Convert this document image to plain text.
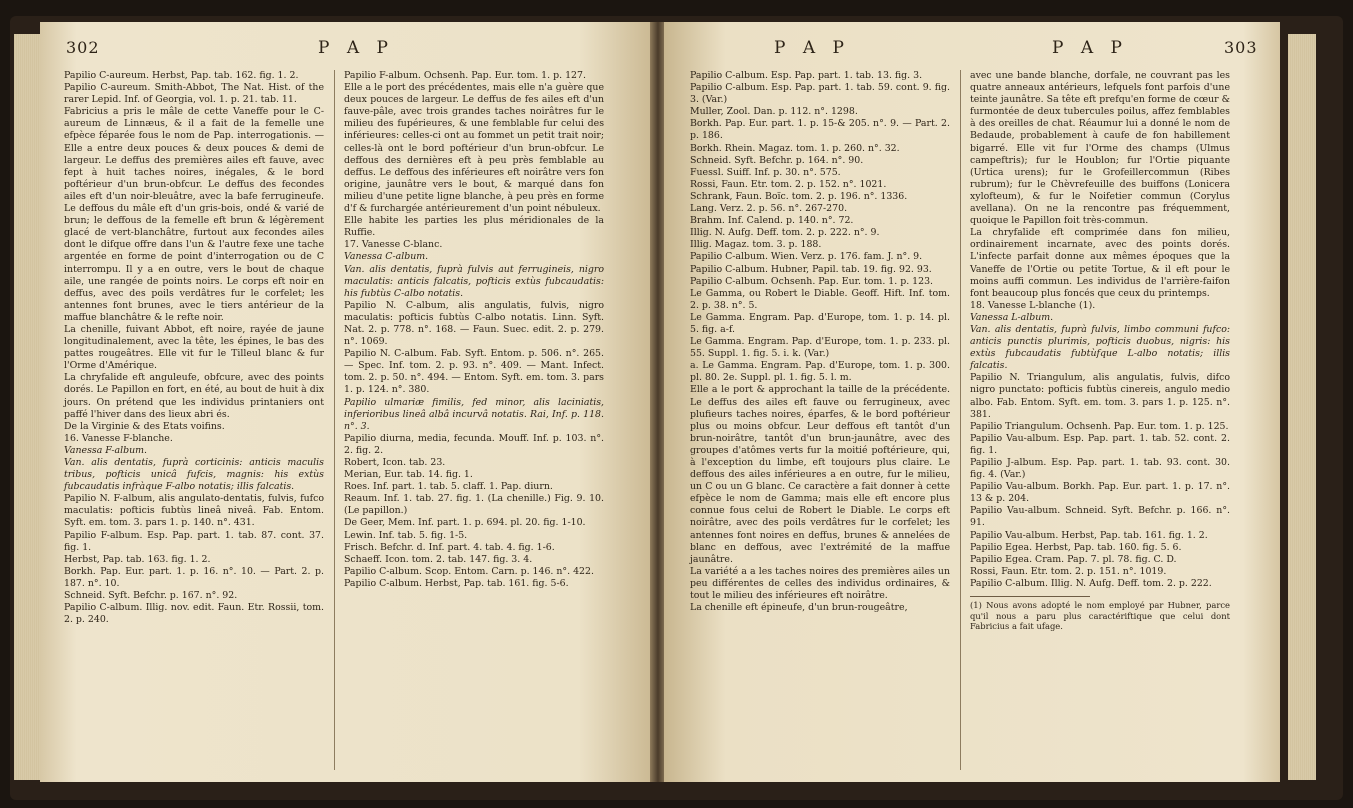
302	P A P

Papilio C-aureum. Herbst, Pap. tab. 162. fig. 1. 2.

Papilio C-aureum. Smith-Abbot, The Nat. Hist. of the rarer Lepid. Inf. of Georgia, vol. 1. p. 21. tab. 11.

Fabricius a pris le mâle de cette Vaneffe pour le C-aureum de Linnæus, & il a fait de la femelle une efpèce féparée fous le nom de Pap. interrogationis. — Elle a entre deux pouces & deux pouces & demi de largeur. Le deffus des premières ailes eft fauve, avec fept à huit taches noires, inégales, & le bord poftérieur d'un brun-obfcur. Le deffus des fecondes ailes eft d'un noir-bleuâtre, avec la bafe ferrugineufe. Le deffous du mâle eft d'un gris-bois, ondé & varié de brun; le deffous de la femelle eft brun & légèrement glacé de vert-blanchâtre, furtout aux fecondes ailes dont le difque offre dans l'un & l'autre fexe une tache argentée en forme de point d'interrogation ou de C interrompu. Il y a en outre, vers le bout de chaque aile, une rangée de points noirs. Le corps eft noir en deffus, avec des poils verdâtres fur le corfelet; les antennes font brunes, avec le tiers antérieur de la maffue blanchâtre & le refte noir.

La chenille, fuivant Abbot, eft noire, rayée de jaune longitudinalement, avec la tête, les épines, le bas des pattes rougeâtres. Elle vit fur le Tilleul blanc & fur l'Orme d'Amérique.

La chryfalide eft anguleufe, obfcure, avec des points dorés. Le Papillon en fort, en été, au bout de huit à dix jours. On prétend que les individus printaniers ont paffé l'hiver dans des lieux abri és.

De la Virginie & des Etats voifins.

16. Vanesse F-blanche.

Vanessa F-album.

Van. alis dentatis, fuprà corticinis: anticis maculis tribus, pofticis unicâ fufcis, magnis: his extùs fubcaudatis infràque F-albo notatis; illis falcatis.

Papilio N. F-album, alis angulato-dentatis, fulvis, fufco maculatis: pofticis fubtùs lineâ niveâ. Fab. Entom. Syft. em. tom. 3. pars 1. p. 140. n°. 431.

Papilio F-album. Esp. Pap. part. 1. tab. 87. cont. 37. fig. 1.

Herbst, Pap. tab. 163. fig. 1. 2.

Borkh. Pap. Eur. part. 1. p. 16. n°. 10. — Part. 2. p. 187. n°. 10.

Schneid. Syft. Befchr. p. 167. n°. 92.

Papilio C-album. Illig. nov. edit. Faun. Etr. Rossii, tom. 2. p. 240.

Papilio F-album. Ochsenh. Pap. Eur. tom. 1. p. 127.

Elle a le port des précédentes, mais elle n'a guère que deux pouces de largeur. Le deffus de fes ailes eft d'un fauve-pâle, avec trois grandes taches noirâtres fur le milieu des fupérieures, & une femblable fur celui des inférieures: celles-ci ont au fommet un petit trait noir; celles-là ont le bord poftérieur d'un brun-obfcur. Le deffous des dernières eft à peu près femblable au deffus. Le deffous des inférieures eft noirâtre vers fon origine, jaunâtre vers le bout, & marqué dans fon milieu d'une petite ligne blanche, à peu près en forme d'f & furchargée antérieurement d'un point nébuleux.

Elle habite les parties les plus méridionales de la Ruffie.

17. Vanesse C-blanc.

Vanessa C-album.

Van. alis dentatis, fuprà fulvis aut ferrugineis, nigro maculatis: anticis falcatis, pofticis extùs fubcaudatis: his fubtùs C-albo notatis.

Papilio N. C-album, alis angulatis, fulvis, nigro maculatis: pofticis fubtùs C-albo notatis. Linn. Syft. Nat. 2. p. 778. n°. 168. — Faun. Suec. edit. 2. p. 279. n°. 1069.

Papilio N. C-album. Fab. Syft. Entom. p. 506. n°. 265. — Spec. Inf. tom. 2. p. 93. n°. 409. — Mant. Infect. tom. 2. p. 50. n°. 494. — Entom. Syft. em. tom. 3. pars 1. p. 124. n°. 380.

Papilio ulmariæ fimilis, fed minor, alis laciniatis, inferioribus lineâ albâ incurvâ notatis. Rai, Inf. p. 118. n°. 3.

Papilio diurna, media, fecunda. Mouff. Inf. p. 103. n°. 2. fig. 2.

Robert, Icon. tab. 23.

Merian, Eur. tab. 14. fig. 1.

Roes. Inf. part. 1. tab. 5. claff. 1. Pap. diurn.

Reaum. Inf. 1. tab. 27. fig. 1. (La chenille.) Fig. 9. 10. (Le papillon.)

De Geer, Mem. Inf. part. 1. p. 694. pl. 20. fig. 1-10.

Lewin. Inf. tab. 5. fig. 1-5.

Frisch. Befchr. d. Inf. part. 4. tab. 4. fig. 1-6.

Schaeff. Icon. tom. 2. tab. 147. fig. 3. 4.

Papilio C-album. Scop. Entom. Carn. p. 146. n°. 422.

Papilio C-album. Herbst, Pap. tab. 161. fig. 5-6.

P A P	P A P	303

Papilio C-album. Esp. Pap. part. 1. tab. 13. fig. 3.

Papilio C-album. Esp. Pap. part. 1. tab. 59. cont. 9. fig. 3. (Var.)

Muller, Zool. Dan. p. 112. n°. 1298.

Borkh. Pap. Eur. part. 1. p. 15-& 205. n°. 9. — Part. 2. p. 186.

Borkh. Rhein. Magaz. tom. 1. p. 260. n°. 32.

Schneid. Syft. Befchr. p. 164. n°. 90.

Fuessl. Suiff. Inf. p. 30. n°. 575.

Rossi, Faun. Etr. tom. 2. p. 152. n°. 1021.

Schrank, Faun. Boïc. tom. 2. p. 196. n°. 1336.

Lang. Verz. 2. p. 56. n°. 267-270.

Brahm. Inf. Calend. p. 140. n°. 72.

Illig. N. Aufg. Deff. tom. 2. p. 222. n°. 9.

Illig. Magaz. tom. 3. p. 188.

Papilio C-album. Wien. Verz. p. 176. fam. J. n°. 9.

Papilio C-album. Hubner, Papil. tab. 19. fig. 92. 93.

Papilio C-album. Ochsenh. Pap. Eur. tom. 1. p. 123.

Le Gamma, ou Robert le Diable. Geoff. Hift. Inf. tom. 2. p. 38. n°. 5.

Le Gamma. Engram. Pap. d'Europe, tom. 1. p. 14. pl. 5. fig. a-f.

Le Gamma. Engram. Pap. d'Europe, tom. 1. p. 233. pl. 55. Suppl. 1. fig. 5. i. k. (Var.)

a. Le Gamma. Engram. Pap. d'Europe, tom. 1. p. 300. pl. 80. 2e. Suppl. pl. 1. fig. 5. l. m.

Elle a le port & approchant la taille de la précédente. Le deffus des ailes eft fauve ou ferrugineux, avec plufieurs taches noires, éparfes, & le bord poftérieur plus ou moins obfcur. Leur deffous eft tantôt d'un brun-noirâtre, tantôt d'un brun-jaunâtre, avec des groupes d'atômes verts fur la moitié poftérieure, qui, à l'exception du limbe, eft toujours plus claire. Le deffous des ailes inférieures a en outre, fur le milieu, un C ou un G blanc. Ce caractère a fait donner à cette efpèce le nom de Gamma; mais elle eft encore plus connue fous celui de Robert le Diable. Le corps eft noirâtre, avec des poils verdâtres fur le corfelet; les antennes font noires en deffus, brunes & annelées de blanc en deffous, avec l'extrémité de la maffue jaunâtre.

La variété a a les taches noires des premières ailes un peu différentes de celles des individus ordinaires, & tout le milieu des inférieures eft noirâtre.

La chenille eft épineufe, d'un brun-rougeâtre,

avec une bande blanche, dorfale, ne couvrant pas les quatre anneaux antérieurs, lefquels font parfois d'une teinte jaunâtre. Sa tête eft prefqu'en forme de cœur & furmontée de deux tubercules poilus, affez femblables à des oreilles de chat. Réaumur lui a donné le nom de Bedaude, probablement à caufe de fon habillement bigarré. Elle vit fur l'Orme des champs (Ulmus campeftris); fur le Houblon; fur l'Ortie piquante (Urtica urens); fur le Grofeillercommun (Ribes rubrum); fur le Chèvrefeuille des buiffons (Lonicera xylofteum), & fur le Noifetier commun (Corylus avellana). On ne la rencontre pas fréquemment, quoique le Papillon foit très-commun.

La chryfalide eft comprimée dans fon milieu, ordinairement incarnate, avec des points dorés. L'infecte parfait donne aux mêmes époques que la Vaneffe de l'Ortie ou petite Tortue, & il eft pour le moins auffi commun. Les individus de l'arrière-faifon font beaucoup plus foncés que ceux du printemps.

18. Vanesse L-blanche (1).

Vanessa L-album.

Van. alis dentatis, fuprà fulvis, limbo communi fufco: anticis punctis plurimis, pofticis duobus, nigris: his extùs fubcaudatis fubtùfque L-albo notatis; illis falcatis.

Papilio N. Triangulum, alis angulatis, fulvis, difco nigro punctato: pofticis fubtùs cinereis, angulo medio albo. Fab. Entom. Syft. em. tom. 3. pars 1. p. 125. n°. 381.

Papilio Triangulum. Ochsenh. Pap. Eur. tom. 1. p. 125.

Papilio Vau-album. Esp. Pap. part. 1. tab. 52. cont. 2. fig. 1.

Papilio J-album. Esp. Pap. part. 1. tab. 93. cont. 30. fig. 4. (Var.)

Papilio Vau-album. Borkh. Pap. Eur. part. 1. p. 17. n°. 13 & p. 204.

Papilio Vau-album. Schneid. Syft. Befchr. p. 166. n°. 91.

Papilio Vau-album. Herbst, Pap. tab. 161. fig. 1. 2.

Papilio Egea. Herbst, Pap. tab. 160. fig. 5. 6.

Papilio Egea. Cram. Pap. 7. pl. 78. fig. C. D.

Rossi, Faun. Etr. tom. 2. p. 151. n°. 1019.

Papilio C-album. Illig. N. Aufg. Deff. tom. 2. p. 222.

(1) Nous avons adopté le nom employé par Hubner, parce qu'il nous a paru plus caractériftique que celui dont Fabricius a fait ufage.
